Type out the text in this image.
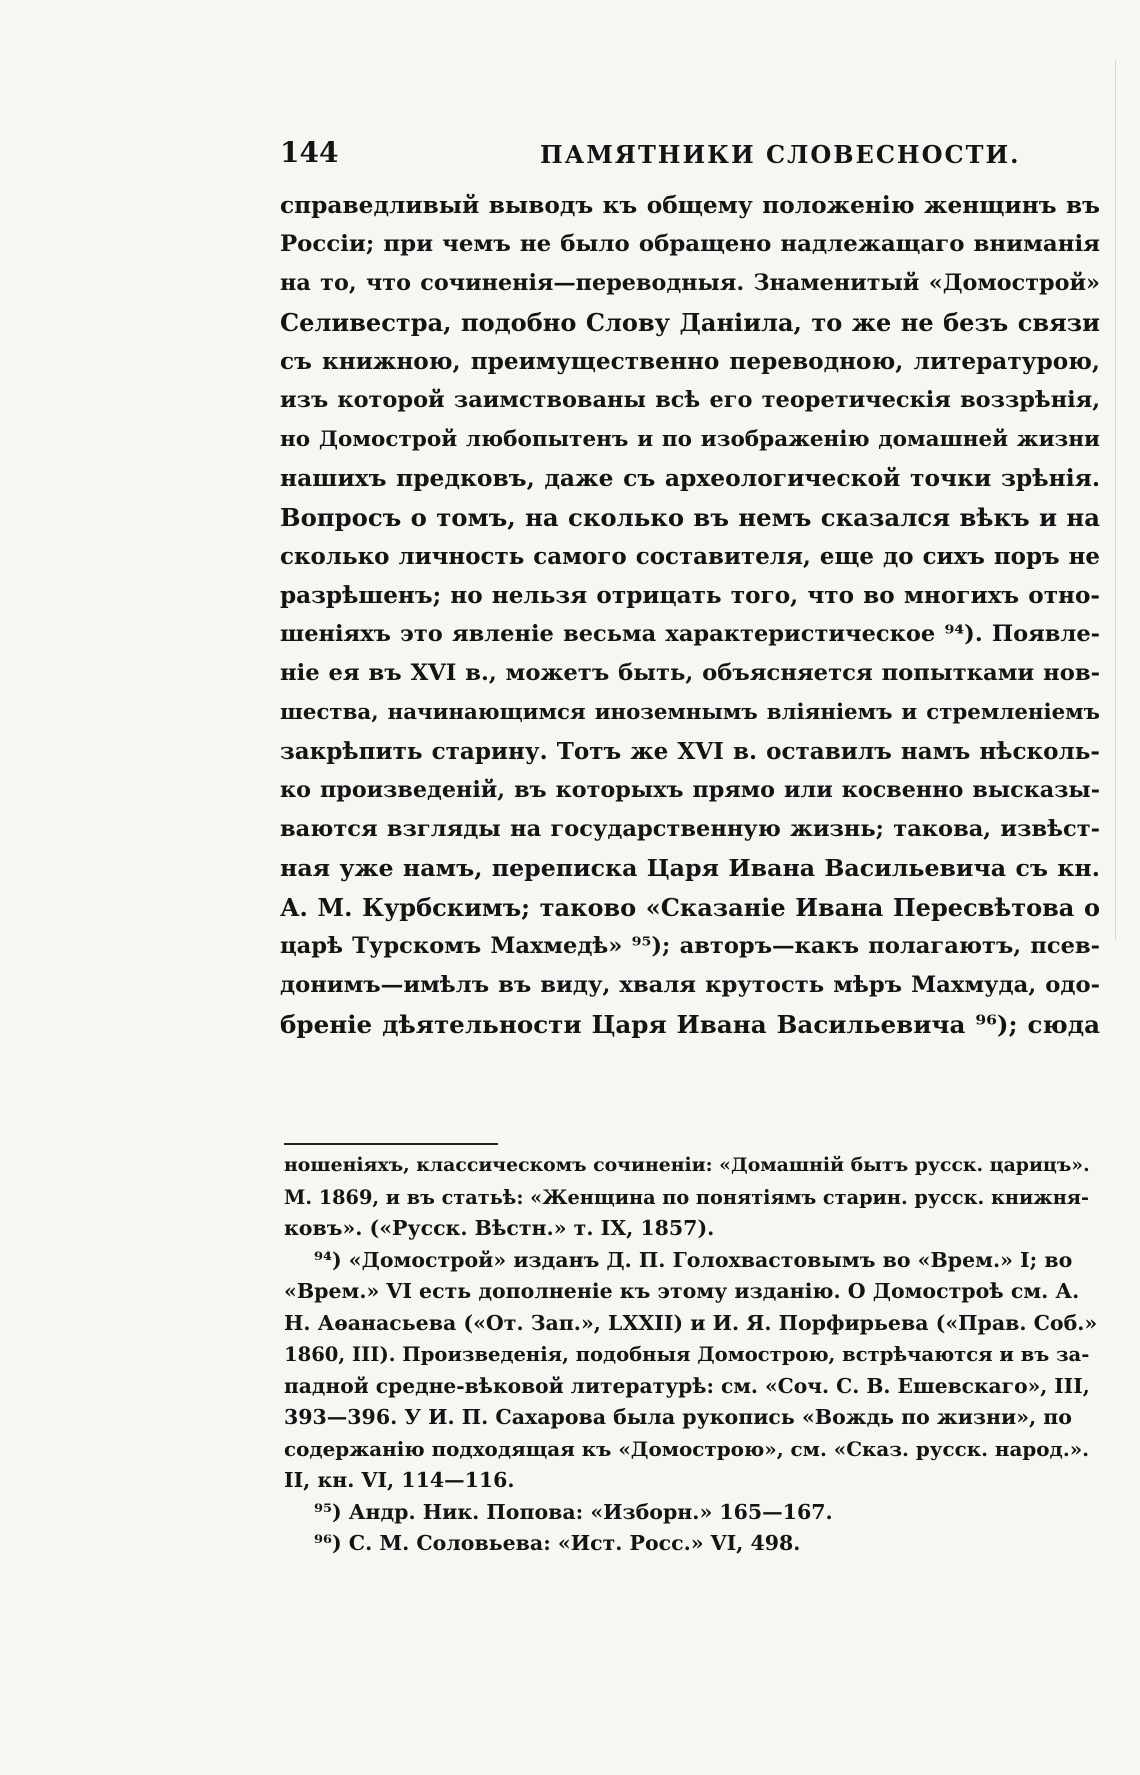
144	ПАМЯТНИКИ СЛОВЕСНОСТИ.
справедливый выводъ къ общему положенію женщинъ въ
Россіи; при чемъ не было обращено надлежащаго вниманія
на то, что сочиненія—переводныя. Знаменитый «Домострой»
Селивестра, подобно Слову Даніила, то же не безъ связи
съ книжною, преимущественно переводною, литературою,
изъ которой заимствованы всѣ его теоретическія воззрѣнія,
но Домострой любопытенъ и по изображенію домашней жизни
нашихъ предковъ, даже съ археологической точки зрѣнія.
Вопросъ о томъ, на сколько въ немъ сказался вѣкъ и на
сколько личность самого составителя, еще до сихъ поръ не
разрѣшенъ; но нельзя отрицать того, что во многихъ отно-
шеніяхъ это явленіе весьма характеристическое ⁹⁴). Появле-
ніе ея въ XVI в., можетъ быть, объясняется попытками нов-
шества, начинающимся иноземнымъ вліяніемъ и стремленіемъ
закрѣпить старину. Тотъ же XVI в. оставилъ намъ нѣсколь-
ко произведеній, въ которыхъ прямо или косвенно высказы-
ваются взгляды на государственную жизнь; такова, извѣст-
ная уже намъ, переписка Царя Ивана Васильевича съ кн.
А. М. Курбскимъ; таково «Сказаніе Ивана Пересвѣтова о
царѣ Турскомъ Махмедѣ» ⁹⁵); авторъ—какъ полагаютъ, псев-
донимъ—имѣлъ въ виду, хваля крутость мѣръ Махмуда, одо-
бреніе дѣятельности Царя Ивана Васильевича ⁹⁶); сюда
ношеніяхъ, классическомъ сочиненіи: «Домашній бытъ русск. царицъ».
М. 1869, и въ статьѣ: «Женщина по понятіямъ старин. русск. книжня-
ковъ». («Русск. Вѣстн.» т. IX, 1857).
⁹⁴) «Домострой» изданъ Д. П. Голохвастовымъ во «Врем.» I; во
«Врем.» VI есть дополненіе къ этому изданію. О Домостроѣ см. А.
Н. Аѳанасьева («От. Зап.», LXXII) и И. Я. Порфирьева («Прав. Соб.»
1860, III). Произведенія, подобныя Домострою, встрѣчаются и въ за-
падной средне-вѣковой литературѣ: см. «Соч. С. В. Ешевскаго», III,
393—396. У И. П. Сахарова была рукопись «Вождь по жизни», по
содержанію подходящая къ «Домострою», см. «Сказ. русск. народ.».
II, кн. VI, 114—116.
⁹⁵) Андр. Ник. Попова: «Изборн.» 165—167.
⁹⁶) С. М. Соловьева: «Ист. Росс.» VI, 498.
